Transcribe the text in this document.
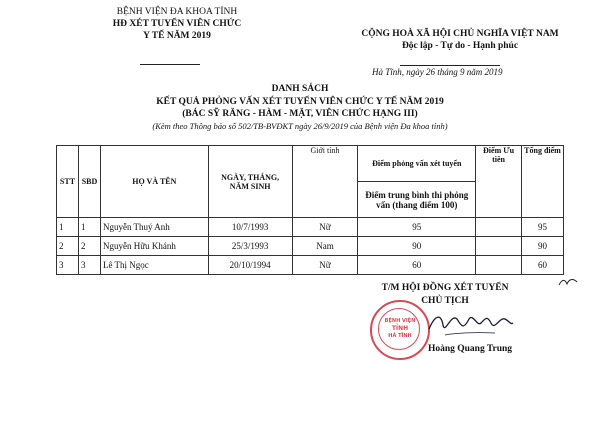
BỆNH VIỆN ĐA KHOA TỈNH
HĐ XÉT TUYỂN VIÊN CHỨC
Y TẾ NĂM 2019	CỘNG HOÀ XÃ HỘI CHỦ NGHĨA VIỆT NAM
Độc lập - Tự do - Hạnh phúc
Hà Tĩnh, ngày 26 tháng 9 năm 2019
DANH SÁCH
KẾT QUẢ PHỎNG VẤN XÉT TUYỂN VIÊN CHỨC Y TẾ NĂM 2019
(BÁC SỸ RĂNG - HÀM - MẶT, VIÊN CHỨC HẠNG III)
(Kèm theo Thông báo số 502/TB-BVĐKT ngày 26/9/2019 của Bệnh viện Đa khoa tỉnh)
STT	SBD	HỌ VÀ TÊN	NGÀY, THÁNG, NĂM SINH	Giới tính	Điểm phỏng vấn xét tuyển	Điểm Ưu tiên	Tổng điểm
					Điểm trung bình thi phỏng vấn (thang điểm 100)		
1	1	Nguyễn Thuý Anh	10/7/1993	Nữ	95		95
2	2	Nguyễn Hữu Khánh	25/3/1993	Nam	90		90
3	3	Lê Thị Ngọc	20/10/1994	Nữ	60		60
T/M HỘI ĐỒNG XÉT TUYỂN
CHỦ TỊCH
BỆNH VIỆN
TỈNH
HÀ TĨNH
Hoàng Quang Trung
